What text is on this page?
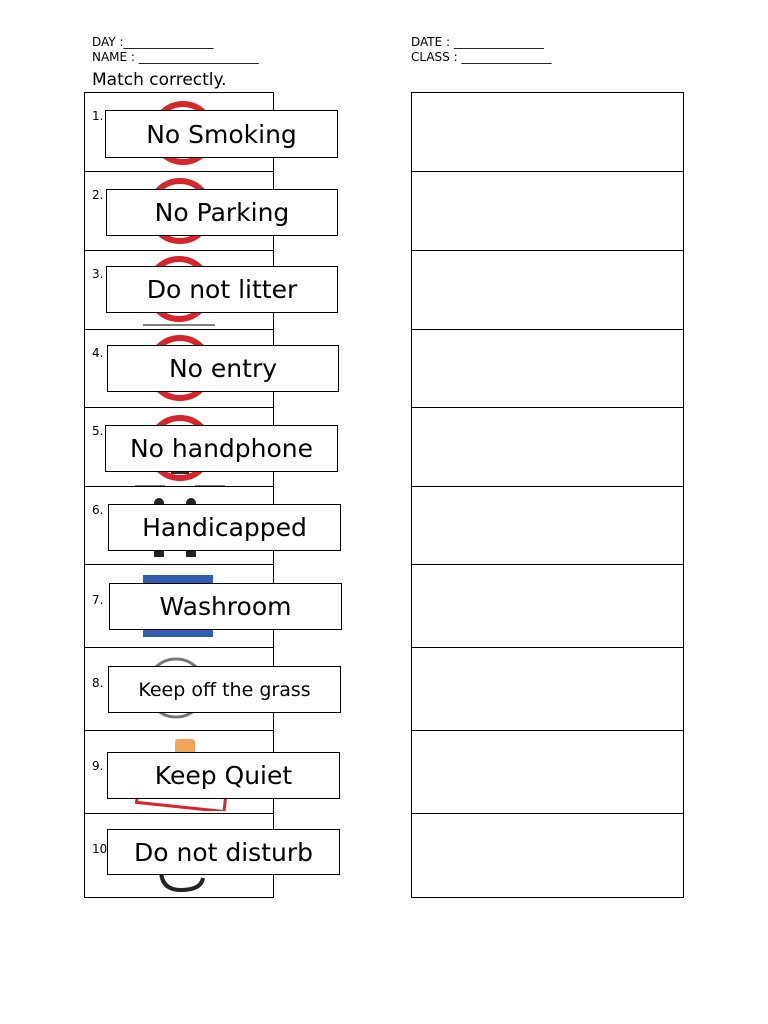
DAY :_______________
NAME : ____________________
DATE : _______________
CLASS : _______________
Match correctly.
1.
2.
3.
4.
5.
6.
7.
8.
9.
10
No Smoking
No Parking
Do not litter
No entry
No handphone
Handicapped
Washroom
Keep off the grass
Keep Quiet
Do not disturb
